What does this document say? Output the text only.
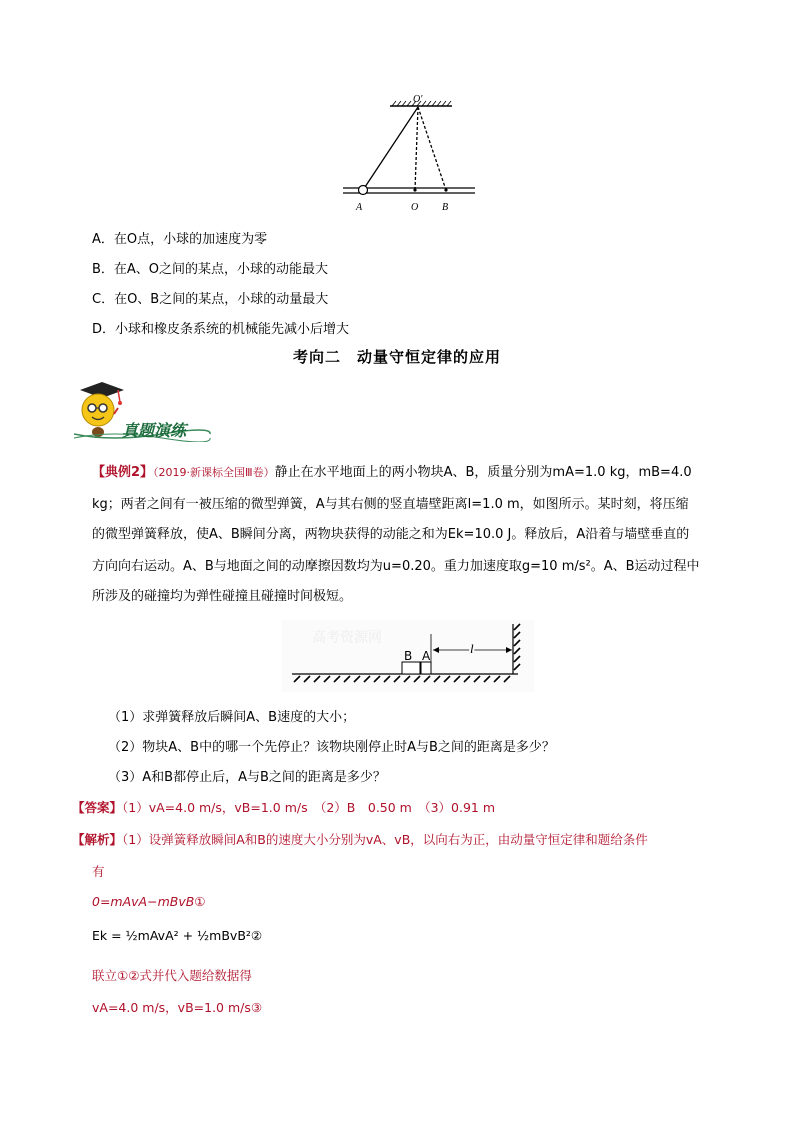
O′
A	O B
A．在O点，小球的加速度为零
B．在A、O之间的某点，小球的动能最大
C．在O、B之间的某点，小球的动量最大
D．小球和橡皮条系统的机械能先减小后增大
考向二　动量守恒定律的应用
真题演练
【典例2】（2019·新课标全国Ⅲ卷）静止在水平地面上的两小物块A、B，质量分别为mA=1.0 kg，mB=4.0
kg；两者之间有一被压缩的微型弹簧，A与其右侧的竖直墙壁距离l=1.0 m，如图所示。某时刻，将压缩
的微型弹簧释放，使A、B瞬间分离，两物块获得的动能之和为Ek=10.0 J。释放后，A沿着与墙壁垂直的
方向向右运动。A、B与地面之间的动摩擦因数均为u=0.20。重力加速度取g=10 m/s²。A、B运动过程中
所涉及的碰撞均为弹性碰撞且碰撞时间极短。
高考资源网
B A	l
（1）求弹簧释放后瞬间A、B速度的大小；
（2）物块A、B中的哪一个先停止？该物块刚停止时A与B之间的距离是多少？
（3）A和B都停止后，A与B之间的距离是多少？
【答案】（1）vA=4.0 m/s，vB=1.0 m/s　（2）B　0.50 m　（3）0.91 m
【解析】（1）设弹簧释放瞬间A和B的速度大小分别为vA、vB，以向右为正，由动量守恒定律和题给条件
有
0=mAvA−mBvB①
Ek = ½mAvA² + ½mBvB²②
联立①②式并代入题给数据得
vA=4.0 m/s，vB=1.0 m/s③
